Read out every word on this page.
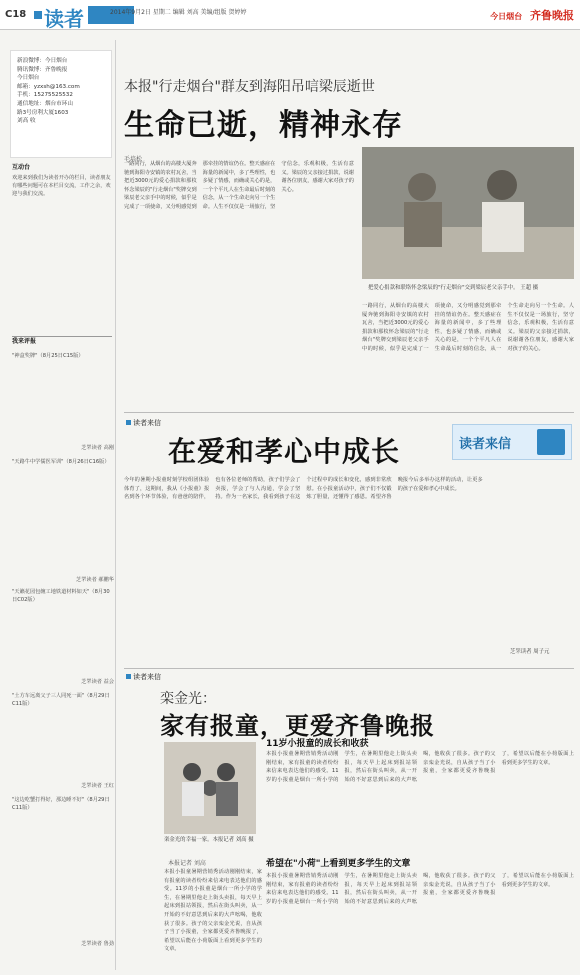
C18 读者	2014年9月2日 星期二 编辑 刘高 美编/组版 贺婷婷	今日烟台 齐鲁晚报
新浪微博：今日烟台
腾讯微博：齐鲁晚报
今日烟台
邮箱：yzxsh@163.com
手机：15275525532
通信地址：烟台市环山
路3号房利大厦1603
刘高 收
互动台
欢迎来到我们为读者开办的栏目，读者朋友有哪些问题可在本栏目交流，工作之余，欢迎与我们交流。
我来评报
"神盒奖牌"（8月25日C15版）
芝罘读者 高刚
"天路牛中学儒医军训"（8月26日C16版）
芝罘读者 郝鹏华
"天籁花园包缠工地铁道材料如天"（8月30日C02版）
芝罘读者 益会
"土方车远离父子三人同死一面"（8月29日C11版）
芝罘读者 王红
"这边吃蟹打得好，那边睡不好"（8月29日C11版）
芝罘读者 鲁劲
本报"行走烟台"群友到海阳吊唁梁辰逝世
生命已逝，精神永存
毛培松
一路同行，从烟台的高楼大厦奔驰到海阳寺安镇的农村瓦舍，当把近3000元的爱心捐款和那枚怀念梁辰的"行走烟台"奖牌交到梁辰老父亲手中的时候，似乎是完成了一项使命，又分明感觉到那牵挂的情谊仍在。整天感症在海量的新闻中，多了些理性，也多疑了情感，而确或关心的是，一个个平凡人在生命最后时刻的信念，从一个生命走向另一个生命。人生不仅仅是一场旅行，坚守信念，乐观积极，生活有意义。梁辰的父亲接过捐款，说谢谢各位朋友，感谢大家对孩子的关心。
把爱心捐款和联络怀念梁辰的"行走烟台"交到梁辰老父亲手中。 王超 摄
一路同行，从烟台的高楼大厦奔驰到海阳寺安镇的农村瓦舍，当把近3000元的爱心捐款和那枚怀念梁辰的"行走烟台"奖牌交到梁辰老父亲手中的时候，似乎是完成了一项使命，又分明感觉到那牵挂的情谊仍在。整天感症在海量的新闻中，多了些理性，也多疑了情感，而确或关心的是，一个个平凡人在生命最后时刻的信念，从一个生命走向另一个生命。人生不仅仅是一场旅行，坚守信念，乐观积极，生活有意义。梁辰的父亲接过捐款，说谢谢各位朋友，感谢大家对孩子的关心。
读者来信
在爱和孝心中成长	读者来信
今年的暑期小报童时刻学校组团体验体育了，这期间，我从《小报童》报名到各个环节体验，有爸爸的陪伴，也有各位老师的帮助，孩子们学会了卖报，学会了与人沟通，学会了坚持。作为一名家长，我看到孩子在这个过程中的成长和变化，感到非常欣慰。在小报童活动中，孩子们不仅锻炼了胆量，还懂得了感恩。希望齐鲁晚报今后多举办这样的活动，让更多的孩子在爱和孝心中成长。
芝罘读者 周子元
读者来信
栾金光：
家有报童，更爱齐鲁晚报
栾金光的幸福一家。本报记者 刘高 摄
本报记者 刘高
本报小报童暑期营销秀活动刚刚结束，家有报童的读者纷纷来信来电表达他们的感受。11岁的小报童是烟台一所小学的学生，在暑期里他走上街头卖报，每天早上起床到报站领报，然后在街头叫卖，从一开始的不好意思到后来的大声吆喝，他收获了很多。孩子的父亲栾金光说，自从孩子当了小报童，全家都更爱齐鲁晚报了，希望以后能在小荷版面上看到更多学生的文章。
11岁小报童的成长和收获
本报小报童暑期营销秀活动刚刚结束，家有报童的读者纷纷来信来电表达他们的感受。11岁的小报童是烟台一所小学的学生，在暑期里他走上街头卖报，每天早上起床到报站领报，然后在街头叫卖，从一开始的不好意思到后来的大声吆喝，他收获了很多。孩子的父亲栾金光说，自从孩子当了小报童，全家都更爱齐鲁晚报了，希望以后能在小荷版面上看到更多学生的文章。
希望在"小荷"上看到更多学生的文章
本报小报童暑期营销秀活动刚刚结束，家有报童的读者纷纷来信来电表达他们的感受。11岁的小报童是烟台一所小学的学生，在暑期里他走上街头卖报，每天早上起床到报站领报，然后在街头叫卖，从一开始的不好意思到后来的大声吆喝，他收获了很多。孩子的父亲栾金光说，自从孩子当了小报童，全家都更爱齐鲁晚报了，希望以后能在小荷版面上看到更多学生的文章。
